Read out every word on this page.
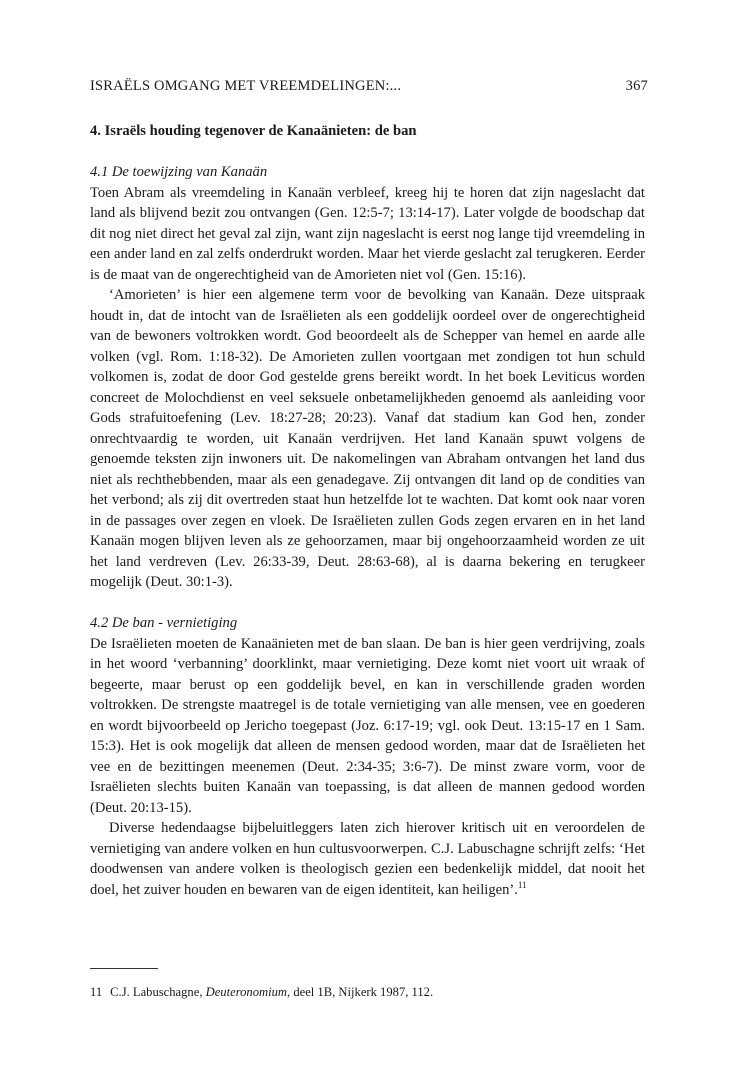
ISRAËLS OMGANG MET VREEMDELINGEN:...	367
4. Israëls houding tegenover de Kanaänieten: de ban
4.1 De toewijzing van Kanaän

Toen Abram als vreemdeling in Kanaän verbleef, kreeg hij te horen dat zijn nageslacht dat land als blijvend bezit zou ontvangen (Gen. 12:5-7; 13:14-17). Later volgde de boodschap dat dit nog niet direct het geval zal zijn, want zijn nageslacht is eerst nog lange tijd vreemdeling in een ander land en zal zelfs onderdrukt worden. Maar het vierde geslacht zal terugkeren. Eerder is de maat van de ongerechtigheid van de Amorieten niet vol (Gen. 15:16).

‘Amorieten’ is hier een algemene term voor de bevolking van Kanaän. Deze uitspraak houdt in, dat de intocht van de Israëlieten als een goddelijk oordeel over de ongerechtigheid van de bewoners voltrokken wordt. God beoordeelt als de Schepper van hemel en aarde alle volken (vgl. Rom. 1:18-32). De Amorieten zullen voortgaan met zondigen tot hun schuld volkomen is, zodat de door God gestelde grens bereikt wordt. In het boek Leviticus worden concreet de Molochdienst en veel seksuele onbetamelijkheden genoemd als aanleiding voor Gods strafuitoefening (Lev. 18:27-28; 20:23). Vanaf dat stadium kan God hen, zonder onrechtvaardig te worden, uit Kanaän verdrijven. Het land Kanaän spuwt volgens de genoemde teksten zijn inwoners uit. De nakomelingen van Abraham ontvangen het land dus niet als rechthebbenden, maar als een genadegave. Zij ontvangen dit land op de condities van het verbond; als zij dit overtreden staat hun hetzelfde lot te wachten. Dat komt ook naar voren in de passages over zegen en vloek. De Israëlieten zullen Gods zegen ervaren en in het land Kanaän mogen blijven leven als ze gehoorzamen, maar bij ongehoorzaamheid worden ze uit het land verdreven (Lev. 26:33-39, Deut. 28:63-68), al is daarna bekering en terugkeer mogelijk (Deut. 30:1-3).

4.2 De ban - vernietiging

De Israëlieten moeten de Kanaänieten met de ban slaan. De ban is hier geen verdrijving, zoals in het woord ‘verbanning’ doorklinkt, maar vernietiging. Deze komt niet voort uit wraak of begeerte, maar berust op een goddelijk bevel, en kan in verschillende graden worden voltrokken. De strengste maatregel is de totale vernietiging van alle mensen, vee en goederen en wordt bijvoorbeeld op Jericho toegepast (Joz. 6:17-19; vgl. ook Deut. 13:15-17 en 1 Sam. 15:3). Het is ook mogelijk dat alleen de mensen gedood worden, maar dat de Israëlieten het vee en de bezittingen meenemen (Deut. 2:34-35; 3:6-7). De minst zware vorm, voor de Israëlieten slechts buiten Kanaän van toepassing, is dat alleen de mannen gedood worden (Deut. 20:13-15).

Diverse hedendaagse bijbeluitleggers laten zich hierover kritisch uit en veroordelen de vernietiging van andere volken en hun cultusvoorwerpen. C.J. Labuschagne schrijft zelfs: ‘Het doodwensen van andere volken is theologisch gezien een bedenkelijk middel, dat nooit het doel, het zuiver houden en bewaren van de eigen identiteit, kan heiligen’.$^{11}$

11 C.J. Labuschagne, Deuteronomium, deel 1B, Nijkerk 1987, 112.
